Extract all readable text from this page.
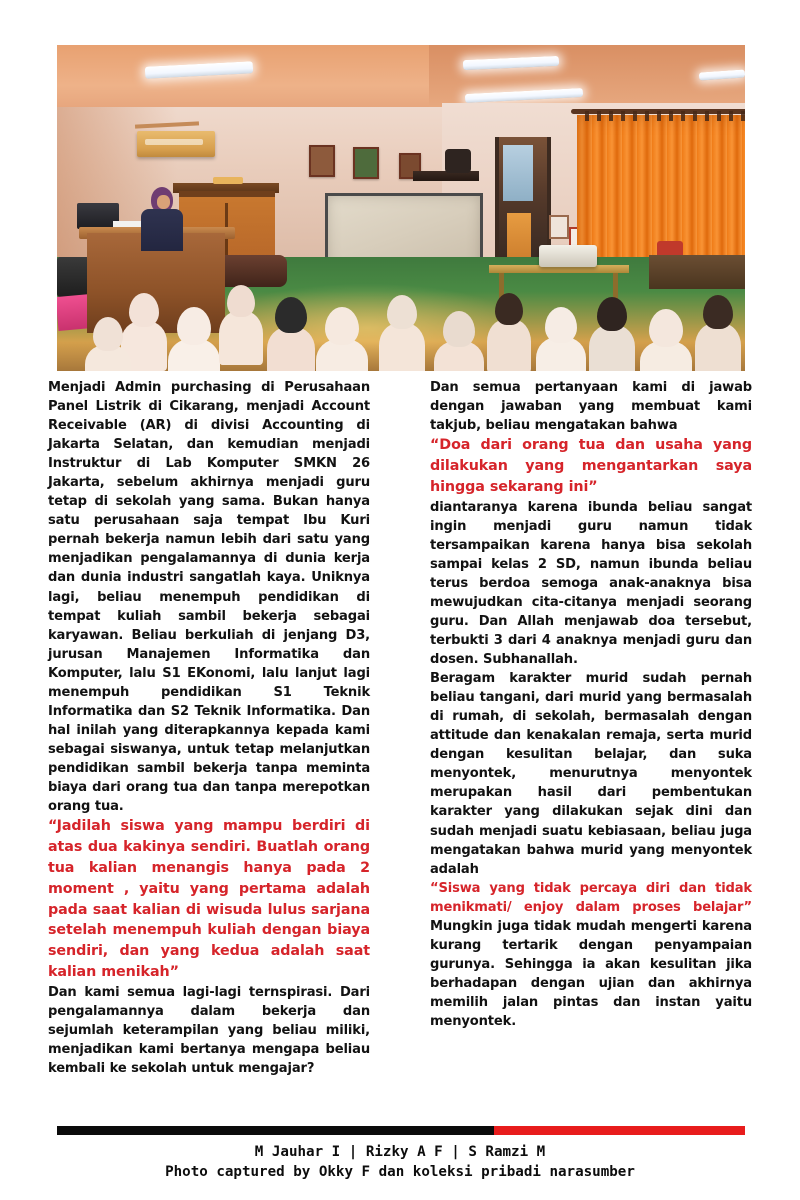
Menjadi Admin purchasing di Perusahaan Panel Listrik di Cikarang, menjadi Account Receivable (AR) di divisi Accounting di Jakarta Selatan, dan kemudian menjadi Instruktur di Lab Komputer SMKN 26 Jakarta, sebelum akhirnya menjadi guru tetap di sekolah yang sama. Bukan hanya satu perusahaan saja tempat Ibu Kuri pernah bekerja namun lebih dari satu yang menjadikan pengalamannya di dunia kerja dan dunia industri sangatlah kaya. Uniknya lagi, beliau menempuh pendidikan di tempat kuliah sambil bekerja sebagai karyawan. Beliau berkuliah di jenjang D3, jurusan Manajemen Informatika dan Komputer, lalu S1 EKonomi, lalu lanjut lagi menempuh pendidikan S1 Teknik Informatika dan S2 Teknik Informatika. Dan hal inilah yang diterapkannya kepada kami sebagai siswanya, untuk tetap melanjutkan pendidikan sambil bekerja tanpa meminta biaya dari orang tua dan tanpa merepotkan orang tua.

“Jadilah siswa yang mampu berdiri di atas dua kakinya sendiri. Buatlah orang tua kalian menangis hanya pada 2 moment , yaitu yang pertama adalah pada saat kalian di wisuda lulus sarjana setelah menempuh kuliah dengan biaya sendiri, dan yang kedua adalah saat kalian menikah”

Dan kami semua lagi-lagi ternspirasi. Dari pengalamannya dalam bekerja dan sejumlah keterampilan yang beliau miliki, menjadikan kami bertanya mengapa beliau kembali ke sekolah untuk mengajar?

Dan semua pertanyaan kami di jawab dengan jawaban yang membuat kami takjub, beliau mengatakan bahwa

“Doa dari orang tua dan usaha yang dilakukan yang mengantarkan saya hingga sekarang ini”

diantaranya karena ibunda beliau sangat ingin menjadi guru namun tidak tersampaikan karena hanya bisa sekolah sampai kelas 2 SD, namun ibunda beliau terus berdoa semoga anak-anaknya bisa mewujudkan cita-citanya menjadi seorang guru. Dan Allah menjawab doa tersebut, terbukti 3 dari 4 anaknya menjadi guru dan dosen. Subhanallah.

Beragam karakter murid sudah pernah beliau tangani, dari murid yang bermasalah di rumah, di sekolah, bermasalah dengan attitude dan kenakalan remaja, serta murid dengan kesulitan belajar, dan suka menyontek, menurutnya menyontek merupakan hasil dari pembentukan karakter yang dilakukan sejak dini dan sudah menjadi suatu kebiasaan, beliau juga mengatakan bahwa murid yang menyontek adalah

“Siswa yang tidak percaya diri dan tidak menikmati/ enjoy dalam proses belajar” Mungkin juga tidak mudah mengerti karena kurang tertarik dengan penyampaian gurunya. Sehingga ia akan kesulitan jika berhadapan dengan ujian dan akhirnya memilih jalan pintas dan instan yaitu menyontek.

M Jauhar I | Rizky A F | S Ramzi M
Photo captured by Okky F dan koleksi pribadi narasumber
